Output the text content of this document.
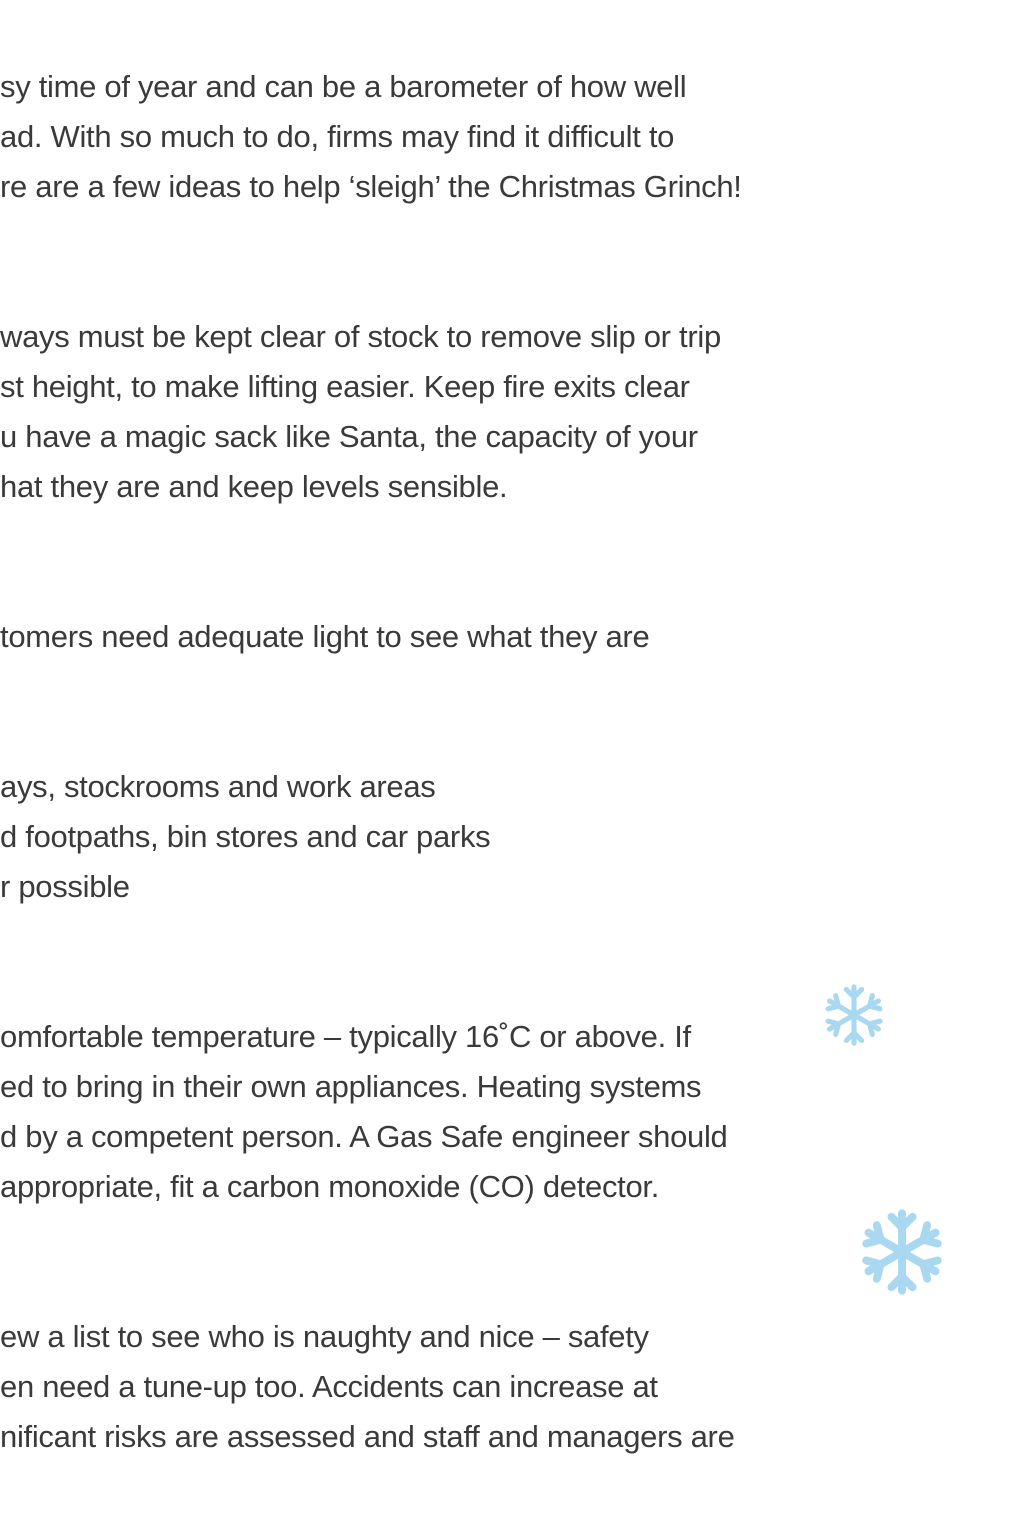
sy time of year and can be a barometer of how well
ad. With so much to do, firms may find it difficult to
re are a few ideas to help ‘sleigh’ the Christmas Grinch!
ways must be kept clear of stock to remove slip or trip
st height, to make lifting easier. Keep fire exits clear
u have a magic sack like Santa, the capacity of your
hat they are and keep levels sensible.
tomers need adequate light to see what they are
ays, stockrooms and work areas
d footpaths, bin stores and car parks
r possible
omfortable temperature – typically 16˚C or above. If
ed to bring in their own appliances. Heating systems
d by a competent person. A Gas Safe engineer should
appropriate, fit a carbon monoxide (CO) detector.
ew a list to see who is naughty and nice – safety
en need a tune-up too. Accidents can increase at
nificant risks are assessed and staff and managers are
